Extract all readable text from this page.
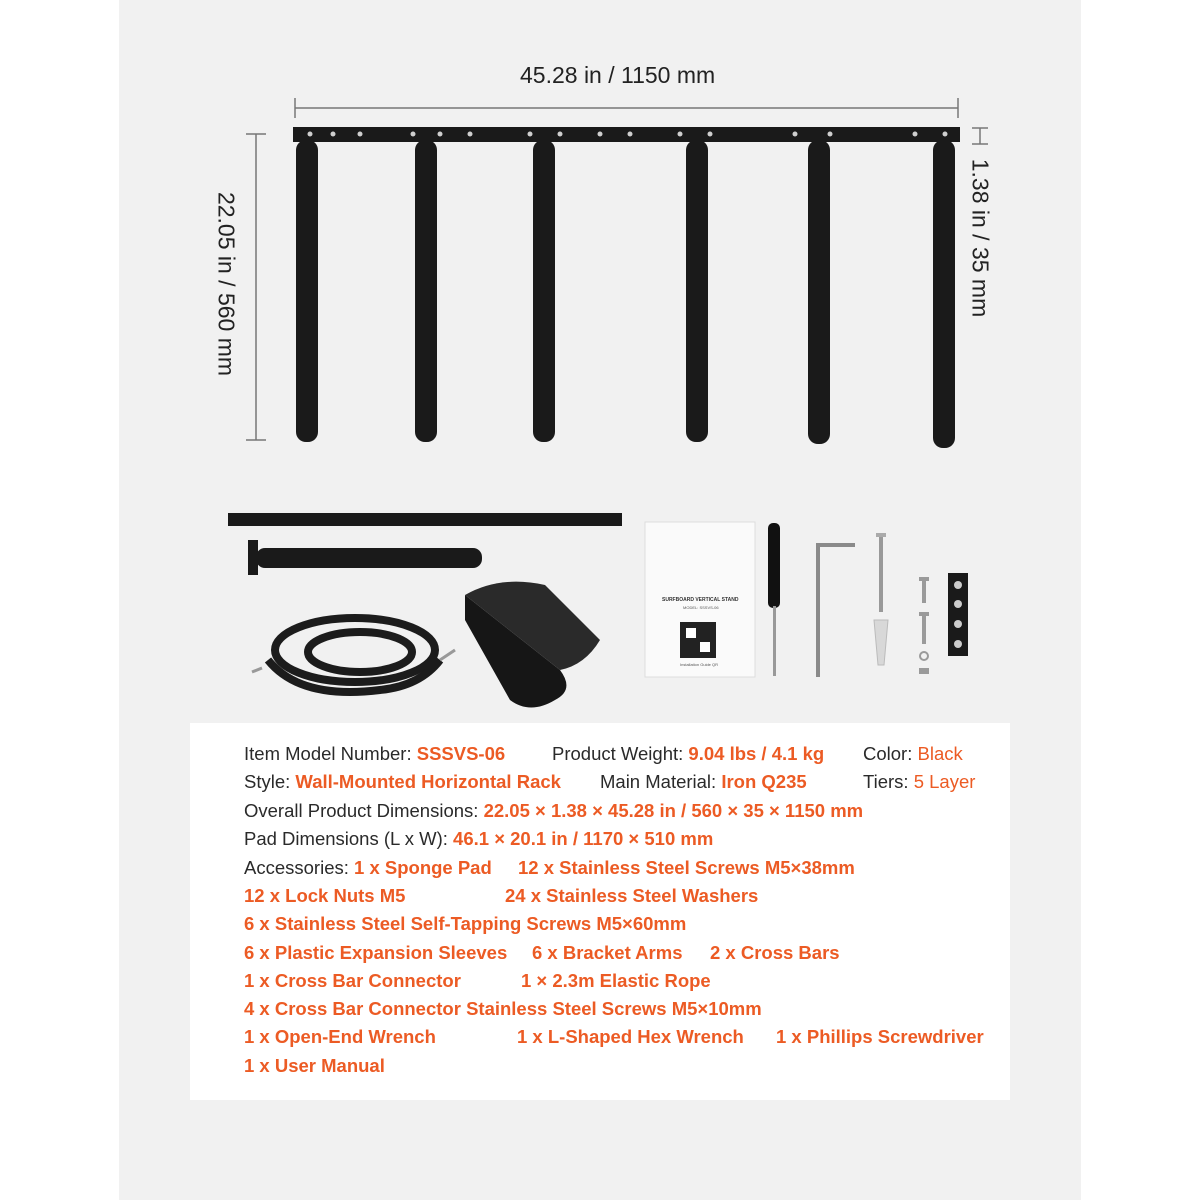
45.28 in / 1150 mm
22.05 in / 560 mm	1.38 in / 35 mm
SURFBOARD VERTICAL STAND
MODEL: SSSVS-06
Installation Guide QR
Item Model Number: SSSVS-06	Product Weight: 9.04 lbs / 4.1 kg Color: Black
Style: Wall-Mounted Horizontal Rack Main Material: Iron Q235	Tiers: 5 Layer
Overall Product Dimensions: 22.05 × 1.38 × 45.28 in / 560 × 35 × 1150 mm
Pad Dimensions (L x W): 46.1 × 20.1 in / 1170 × 510 mm
Accessories: 1 x Sponge Pad 12 x Stainless Steel Screws M5×38mm
12 x Lock Nuts M5	24 x Stainless Steel Washers
6 x Stainless Steel Self-Tapping Screws M5×60mm
6 x Plastic Expansion Sleeves 6 x Bracket Arms 2 x Cross Bars
1 x Cross Bar Connector	1 × 2.3m Elastic Rope
4 x Cross Bar Connector Stainless Steel Screws M5×10mm
1 x Open-End Wrench	1 x L-Shaped Hex Wrench 1 x Phillips Screwdriver
1 x User Manual
